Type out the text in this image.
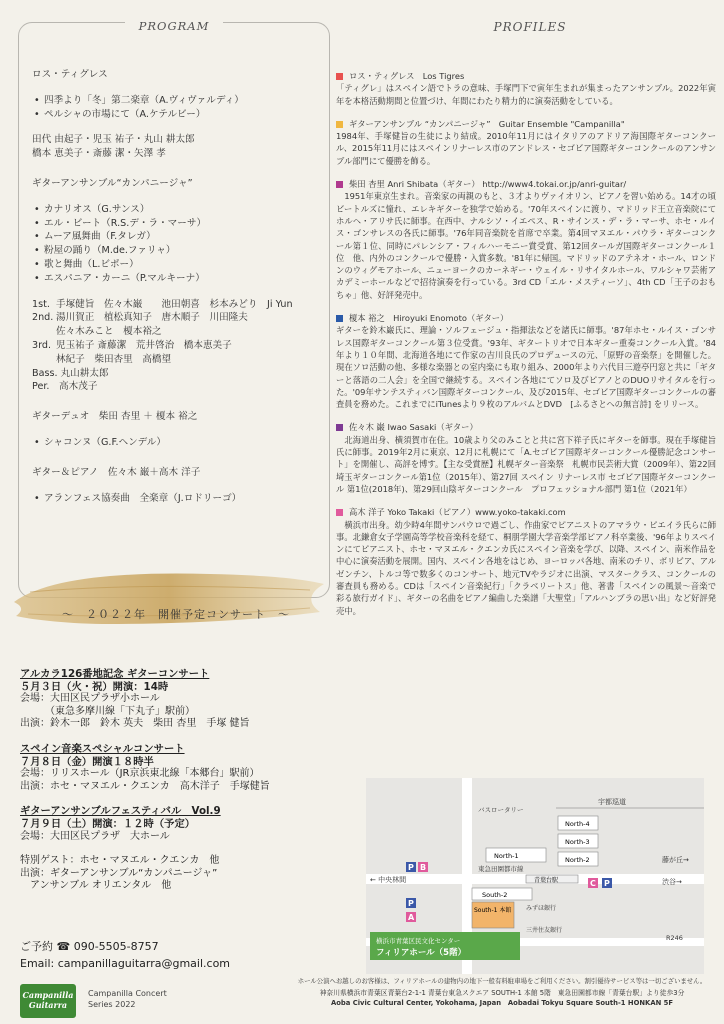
PROGRAM
ロス・ティグレス
• 四季より「冬」第二楽章（A.ヴィヴァルディ）
• ペルシャの市場にて（A.ケテルビー）
田代 由起子・児玉 祐子・丸山 耕太郎
橋本 恵美子・斎藤 潔・矢澤 孝
ギターアンサンブル“カンパニージャ”
• カナリオス（G.サンス）
• エル・ビート（R.S.デ・ラ・マーサ）
• ムーア風舞曲（F.タレガ）
• 粉屋の踊り（M.de.ファリャ）
• 歌と舞曲（L.ビポー）
• エスパニア・カーニ（P.マルキーナ）
1st. 手塚健旨　佐々木巌　　池田朝喜　杉本みどり　Ji Yun
2nd. 湯川賀正　植松真知子　唐木順子　川田隆夫
佐々木みこと　榎本裕之
3rd. 児玉祐子 斎藤潔　荒井啓治　橋本恵美子
林紀子　柴田杏里　高橋望
Bass. 丸山耕太郎
Per.　高木茂子
ギターデュオ　柴田 杏里 ＋ 榎本 裕之
• シャコンヌ（G.F.ヘンデル）
ギター＆ピアノ　佐々木 巌＋高木 洋子
• アランフェス協奏曲　全楽章（J.ロドリーゴ）
～　２０２２年　開催予定コンサート　～
アルカラ126番地記念 ギターコンサート
５月３日（火・祝）開演：14時
会場：大田区民プラザ小ホール
　　　（東急多摩川線「下丸子」駅前）
出演：鈴木一郎　鈴木 英夫　柴田 杏里　手塚 健旨
スペイン音楽スペシャルコンサート
７月８日（金）開演１８時半
会場：リリスホール（JR京浜東北線「本郷台」駅前）
出演：ホセ・マヌエル・クエンカ　高木洋子　手塚健旨
ギターアンサンブルフェスティバル　Vol.9
７月９日（土）開演：１２時（予定）
会場：大田区民プラザ　大ホール
特別ゲスト：ホセ・マヌエル・クエンカ　他
出演：ギターアンサンブル“カンパニージャ”
　アンサンブル オリエンタル　他
ご予約 ☎ 090-5505-8757
Email: campanillaguitarra@gmail.com
Campanilla
Guitarra
Campanilla Concert
Series 2022
PROFILES
ロス・ティグレス　Los Tigres
「ティグレ」はスペイン語でトラの意味、手塚門下で寅年生まれが集まったアンサンブル。2022年寅年を本格活動期間と位置づけ、年間にわたり精力的に演奏活動をしている。
ギターアンサンブル “カンパニージャ”　Guitar Ensemble "Campanilla"
1984年、手塚健旨の生徒により結成。2010年11月にはイタリアのアドリア海国際ギターコンクール、2015年11月にはスペインリナーレス市のアンドレス・セゴビア国際ギターコンクールのアンサンブル部門にて優勝を飾る。
柴田 杏里 Anri Shibata（ギター） http://www4.tokai.or.jp/anri-guitar/
　1951年東京生まれ。音楽家の両親のもと、３才よりヴァイオリン、ピアノを習い始める。14才の頃ビートルズに憧れ、エレキギターを独学で始める。'70年スペインに渡り、マドリッド王立音楽院にてホルヘ・アリサ氏に師事。在西中、ナルシソ・イエペス、R・サインス・デ・ラ・マーサ、ホセ・ルイス・ゴンサレスの各氏に師事。'76年同音楽院を首席で卒業。第4回マヌエル・パウラ・ギターコンクール第１位、同時にパレンシア・フィルハーモニー賞受賞、第12回タールガ国際ギターコンクール１位　他、内外のコンクールで優勝・入賞多数。'81年に帰国。マドリッドのアテネオ・ホール、ロンドンのウィグモアホール、ニューヨークのカーネギー・ウェイル・リサイタルホール、ワルシャワ芸術アカデミーホールなどで招待演奏を行っている。3rd CD「エル・メスティーソ」、4th CD「王子のおもちゃ」他、好評発売中。
榎本 裕之　Hiroyuki Enomoto（ギター）
ギターを鈴木巌氏に、理論・ソルフェージュ・指揮法などを諸氏に師事。'87年ホセ・ルイス・ゴンサレス国際ギターコンクール第３位受賞。'93年、ギタートリオで日本ギター重奏コンクール入賞。'84年より１０年間、北海道各地にて作家の吉川良氏のプロデュースの元、「原野の音楽祭」を開催した。現在ソロ活動の他、多様な楽器との室内楽にも取り組み、2000年より六代目三遊亭円窓と共に「ギターと落語の二人会」を全国で継続する。スペイン各地にてソロ及びピアノとのDUOリサイタルを行った。'09年サンテスティバン国際ギターコンクール、及び2015年、セゴビア国際ギターコンクールの審査員を務めた。これまでにiTunesより９枚のアルバムとDVD　[ふるさとへの無言詩] をリリース。
佐々木 巌 Iwao Sasaki（ギター）
　北海道出身、横須賀市在住。10歳より父のみことと共に宮下祥子氏にギターを師事。現在手塚健旨氏に師事。2019年2月に東京、12月に札幌にて「A.セゴビア国際ギターコンクール優勝記念コンサート」を開催し、高評を博す。【主な受賞歴】札幌ギター音楽祭　札幌市民芸術大賞（2009年）、第22回 埼玉ギターコンクール第1位（2015年）、第27回 スペイン リナーレス市 セゴビア国際ギターコンクール 第1位(2018年)、第29回山陰ギターコンクール　プロフェッショナル部門 第1位（2021年）
高木 洋子 Yoko Takaki（ピアノ）www.yoko-takaki.com
　横浜市出身。幼少時4年間サンパウロで過ごし、作曲家でピアニストのアマラウ・ピエイラ氏らに師事。北鎌倉女子学園高等学校音楽科を経て、桐朋学園大学音楽学部ピアノ科卒業後、'96年よりスペインにてピアニスト、ホセ・マヌエル・クエンカ氏にスペイン音楽を学び、以降、スペイン、南米作品を中心に演奏活動を展開。国内、スペイン各地をはじめ、ヨーロッパ各地、南米のチリ、ボリビア、アルゼンチン、トルコ等で数多くのコンサート、地元TVやラジオに出演、マスタークラス、コンクールの審査員も務める。CDは「スペイン音楽紀行」「クラベリートス」他、著書「スペインの風景～音楽で彩る旅行ガイド」、ギターの名曲をピアノ編曲した楽譜「大聖堂」「アルハンブラの思い出」など好評発売中。
宇都巡道
← 中央林間
藤が丘→
渋谷→
R246
North-4
North-3
North-2
North-1
バスロータリー
東急田園都市線
青葉台駅
South-2
South-1 本館 みずほ銀行
三井住友銀行
P B
P
A
C P
横浜市青葉区民文化センター
フィリアホール（5階）
ホール公演へお越しのお客様は、フィリアホールの建物内の地下一般有料駐車場をご利用ください。割引優待サービス等は一切ございません。
神奈川県横浜市青葉区青葉台2-1-1 青葉台東急スクエア SOUTH-1 本館 5階　東急田園都市線「青葉台駅」より徒歩3分
Aoba Civic Cultural Center, Yokohama, Japan　Aobadai Tokyu Square South-1 HONKAN 5F
